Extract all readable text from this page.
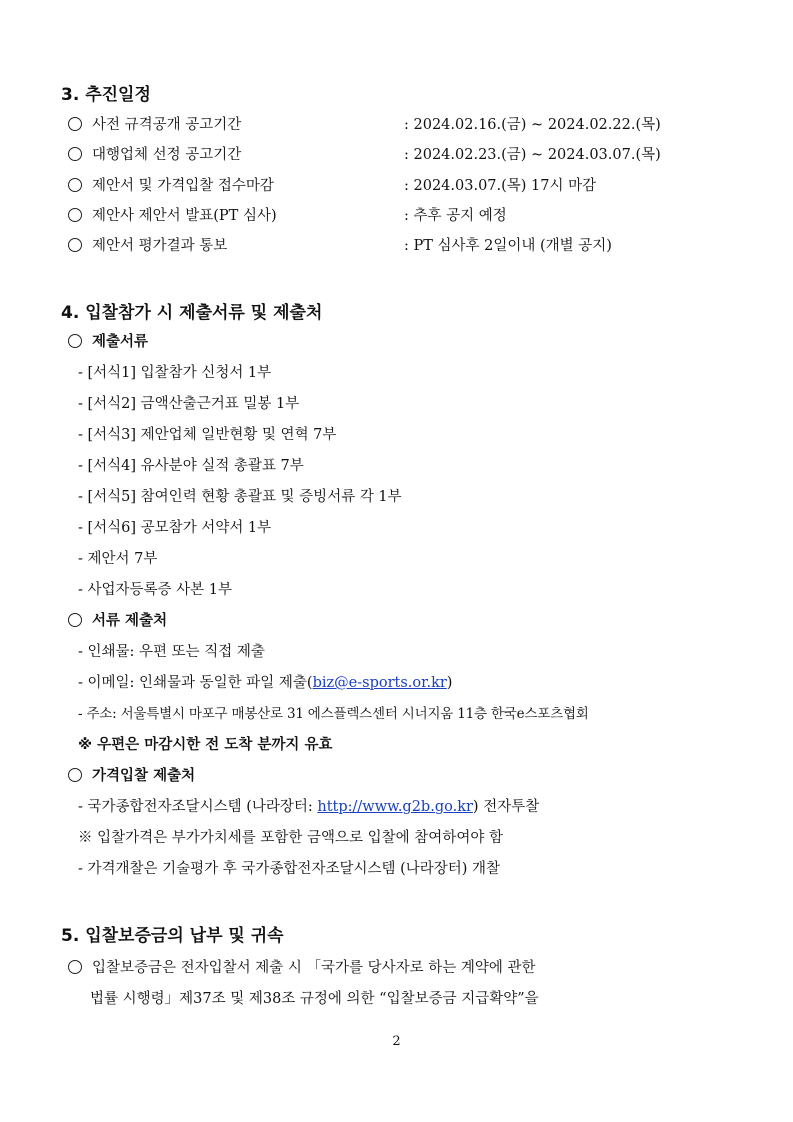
3. 추진일정
사전 규격공개 공고기간	: 2024.02.16.(금) ~ 2024.02.22.(목)
대행업체 선정 공고기간	: 2024.02.23.(금) ~ 2024.03.07.(목)
제안서 및 가격입찰 접수마감	: 2024.03.07.(목) 17시 마감
제안사 제안서 발표(PT 심사)	: 추후 공지 예정
제안서 평가결과 통보	: PT 심사후 2일이내 (개별 공지)
4. 입찰참가 시 제출서류 및 제출처
제출서류
- [서식1] 입찰참가 신청서 1부
- [서식2] 금액산출근거표 밀봉 1부
- [서식3] 제안업체 일반현황 및 연혁 7부
- [서식4] 유사분야 실적 총괄표 7부
- [서식5] 참여인력 현황 총괄표 및 증빙서류 각 1부
- [서식6] 공모참가 서약서 1부
- 제안서 7부
- 사업자등록증 사본 1부
서류 제출처
- 인쇄물: 우편 또는 직접 제출
- 이메일: 인쇄물과 동일한 파일 제출(biz@e-sports.or.kr)
- 주소: 서울특별시 마포구 매봉산로 31 에스플렉스센터 시너지움 11층 한국e스포츠협회
※ 우편은 마감시한 전 도착 분까지 유효
가격입찰 제출처
- 국가종합전자조달시스템 (나라장터: http://www.g2b.go.kr) 전자투찰
※ 입찰가격은 부가가치세를 포함한 금액으로 입찰에 참여하여야 함
- 가격개찰은 기술평가 후 국가종합전자조달시스템 (나라장터) 개찰
5. 입찰보증금의 납부 및 귀속
입찰보증금은 전자입찰서 제출 시 「국가를 당사자로 하는 계약에 관한
법률 시행령」제37조 및 제38조 규정에 의한 “입찰보증금 지급확약”을
2
